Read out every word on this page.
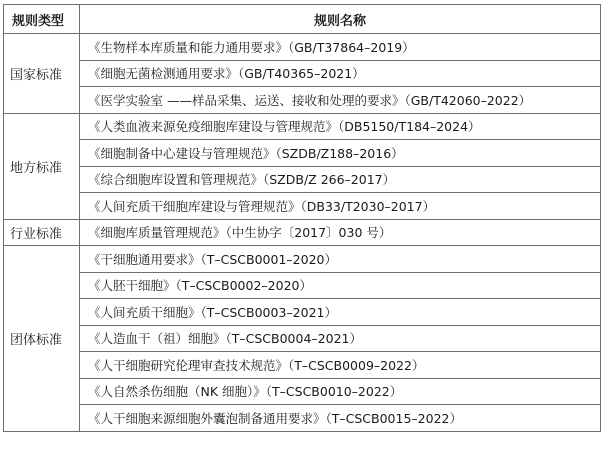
规则类型	规则名称
国家标准	《生物样本库质量和能力通用要求》（GB/T37864–2019）
	《细胞无菌检测通用要求》（GB/T40365–2021）
	《医学实验室 ——样品采集、运送、接收和处理的要求》（GB/T42060–2022）
地方标准	《人类血液来源免疫细胞库建设与管理规范》（DB5150/T184–2024）
	《细胞制备中心建设与管理规范》（SZDB/Z188–2016）
	《综合细胞库设置和管理规范》（SZDB/Z 266–2017）
	《人间充质干细胞库建设与管理规范》（DB33/T2030–2017）
行业标准	《细胞库质量管理规范》（中生协字〔2017〕030 号）
团体标准	《干细胞通用要求》（T–CSCB0001–2020）
	《人胚干细胞》（T–CSCB0002–2020）
	《人间充质干细胞》（T–CSCB0003–2021）
	《人造血干（祖）细胞》（T–CSCB0004–2021）
	《人干细胞研究伦理审查技术规范》（T–CSCB0009–2022）
	《人自然杀伤细胞（NK 细胞）》（T–CSCB0010–2022）
	《人干细胞来源细胞外囊泡制备通用要求》（T–CSCB0015–2022）
